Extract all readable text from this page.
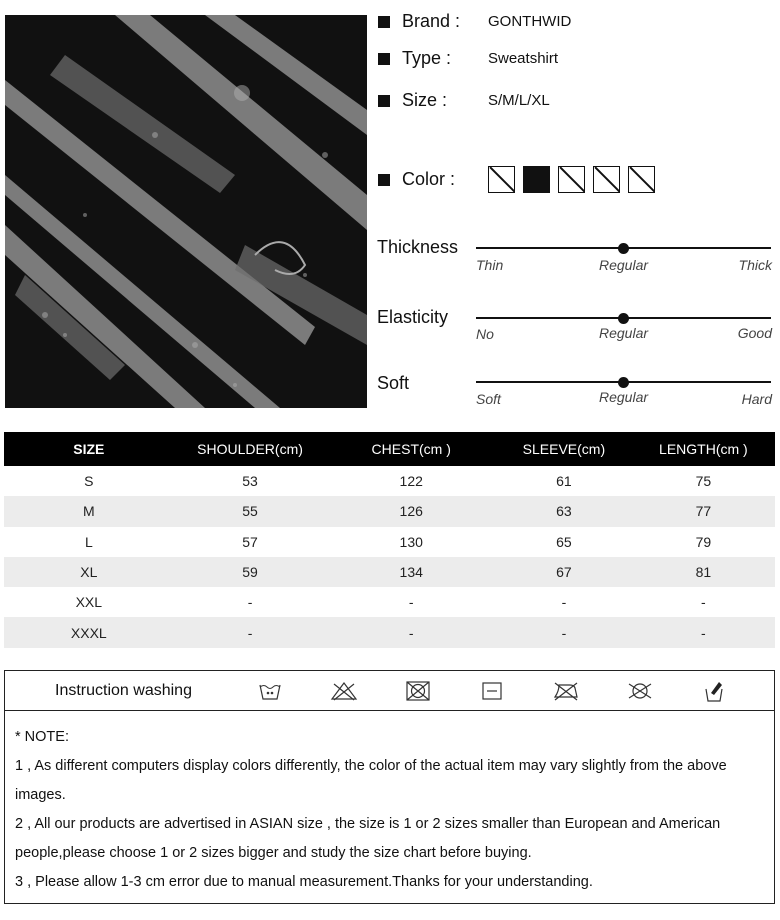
Brand :	GONTHWID
Type :	Sweatshirt
Size :	S/M/L/XL
Color :
Thickness
Thin	Regular	Thick
Elasticity
No	Regular	Good
Soft
Soft	Regular	Hard
SIZE	SHOULDER(cm)	CHEST(cm )	SLEEVE(cm)	LENGTH(cm )
S	53	122	61	75
M	55	126	63	77
L	57	130	65	79
XL	59	134	67	81
XXL	-	-	-	-
XXXL	-	-	-	-
Instruction washing

* NOTE:

1 , As different computers display colors differently, the color of the actual item may vary slightly from the above images.

2 , All our products are advertised in ASIAN size , the size is 1 or 2 sizes smaller than European and American people,please choose 1 or 2 sizes bigger and study the size chart before buying.

3 , Please allow 1-3 cm error due to manual measurement.Thanks for your understanding.
